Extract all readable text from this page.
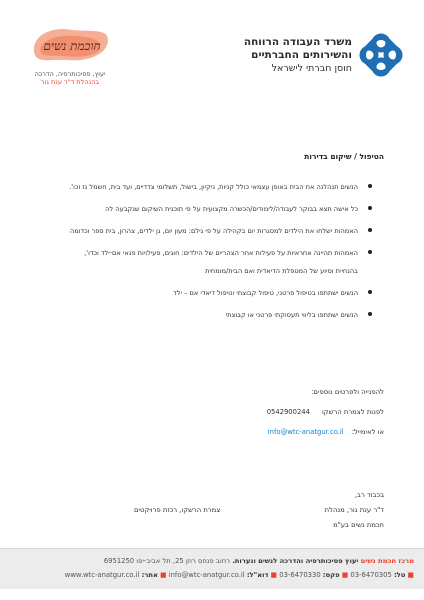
משרד העבודה הרווחה
והשירותים החברתיים
חוסן חברתי לישראל
חוכמת נשים
יעוץ, פסיכותרפיה, הדרכה
בהנהלת ד"ר ענת גור
הטיפול / שיקום בדירות
הנשים תנהלנה את הבית באופן עצמאי כולל קניות, ניקיון, בישול, תשלומי צדדיים, ועד בית, חשמל גז וכו'.
כל אישה תצא בבוקר לעבודה/לימודים/הכשרה מקצועית על פי תוכנית השיקום שנקבעה לה
האמהות ישלחו את הילדים למסגרות יום בקהילה על פי גילם: מעון יום, גן ילדים, צהרון, בית ספר וכדומה
האמהות תהיינה אחראיות על פעילות אחר הצהריים של הילדים: חוגים, פעילויות פנאי אם-ילד וכדו', בהנחיית וסיוע של המטפלת הדיאדית ואם הבית/מומחית
הנשים ישתתפו בטיפול פרטני, טיפול קבוצתי וטיפול דיאדי אם – ילד
הנשים ישתתפו בליווי תעסוקתי פרטני או קבוצתי
להפנייה ולפרטים נוספים:
לפנות לצמרת הרשקו
0542900244
או לאימייל:
info@wtc-anatgur.co.il
בכבוד רב,
ד"ר ענת גור, מנהלת
צמרת הרשקו, רכזת פרויקטים
חכמת נשים בע"מ
מרכז חכמת נשים יעוץ פסיכותרפיה והדרכה לנשים ונערות. רחוב פנחס רוזן 25, תל אביב-יפו 6951250
■ טל: 03-6470305 ■ פקס: 03-6470330 ■ דוא"ל: info@wtc-anatgur.co.il ■ אתר: www.wtc-anatgur.co.il
